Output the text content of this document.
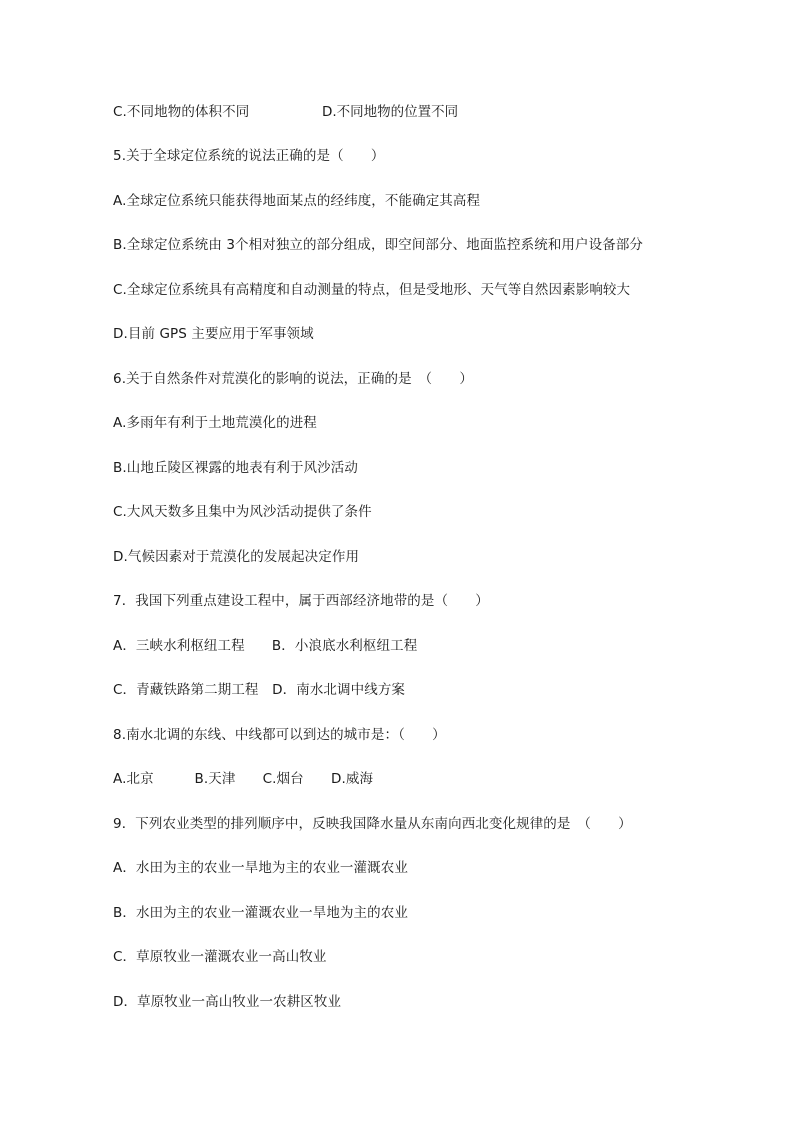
C.不同地物的体积不同	D.不同地物的位置不同
5.关于全球定位系统的说法正确的是（　　）
A.全球定位系统只能获得地面某点的经纬度，不能确定其高程
B.全球定位系统由 3个相对独立的部分组成，即空间部分、地面监控系统和用户设备部分
C.全球定位系统具有高精度和自动测量的特点，但是受地形、天气等自然因素影响较大
D.目前 GPS 主要应用于军事领域
6.关于自然条件对荒漠化的影响的说法，正确的是　（　　）
A.多雨年有利于土地荒漠化的进程
B.山地丘陵区裸露的地表有利于风沙活动
C.大风天数多且集中为风沙活动提供了条件
D.气候因素对于荒漠化的发展起决定作用
7．我国下列重点建设工程中，属于西部经济地带的是（　　）
A．三峡水利枢纽工程　　B．小浪底水利枢纽工程
C．青藏铁路第二期工程　D．南水北调中线方案
8.南水北调的东线、中线都可以到达的城市是：（　　）
A.北京　　　B.天津　　C.烟台　　D.威海
9．下列农业类型的排列顺序中，反映我国降水量从东南向西北变化规律的是　（　　）
A．水田为主的农业一旱地为主的农业一灌溉农业
B．水田为主的农业一灌溉农业一旱地为主的农业
C．草原牧业一灌溉农业一高山牧业
D．草原牧业一高山牧业一农耕区牧业
